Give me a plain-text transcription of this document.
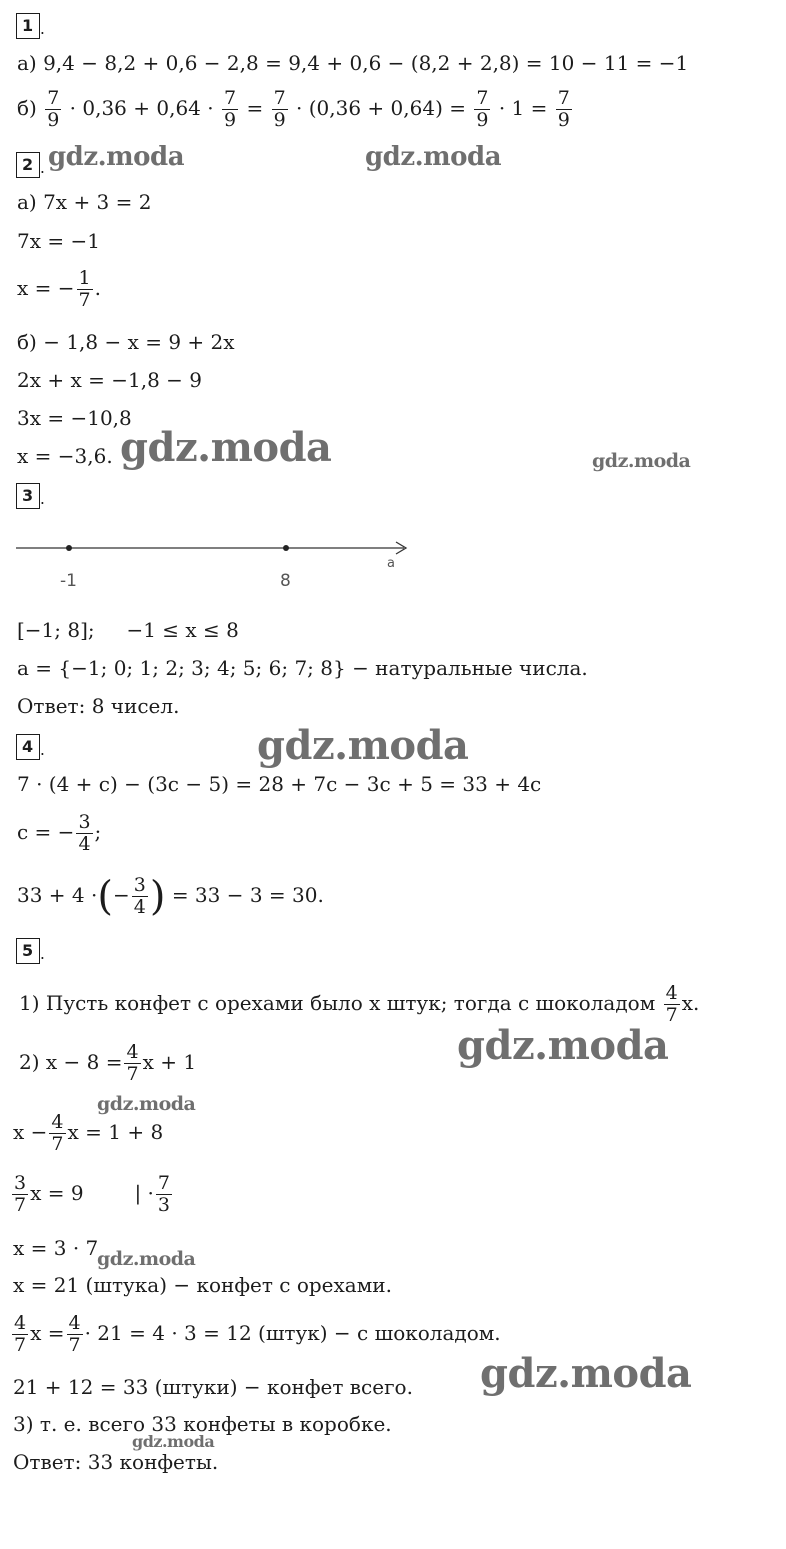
1 .
а) 9,4 − 8,2 + 0,6 − 2,8 = 9,4 + 0,6 − (8,2 + 2,8) = 10 − 11 = −1
$б) \frac{7}{9} \cdot 0,36 + 0,64 \cdot \frac{7}{9} = \frac{7}{9} \cdot (0,36 + 0,64) = \frac{7}{9} \cdot 1 = \frac{7}{9}$
2 . gdz.moda	gdz.moda
а) 7x + 3 = 2
7x = −1
x = − $\frac{1}{7}$ .
б) − 1,8 − x = 9 + 2x
2x + x = −1,8 − 9
3x = −10,8
x = −3,6. gdz.moda	gdz.moda
3 .
-1	8
a
[−1; 8]; −1 ≤ x ≤ 8
a = {−1; 0; 1; 2; 3; 4; 5; 6; 7; 8} − натуральные числа.
Ответ: 8 чисел.
4 .	gdz.moda
7 · (4 + c) − (3c − 5) = 28 + 7c − 3c + 5 = 33 + 4c
c = − $\frac{3}{4}$ ;
33 + 4 ·(− $\frac{3}{4}$ ) = 33 − 3 = 30.
5 .
1) Пусть конфет с орехами было x штук; тогда с шоколадом $\frac{4}{7} x$.
gdz.moda
2) $x - 8 = \frac{4}{7}$ x + 1
gdz.moda
$x - \frac{4}{7}$ x = 1 + 8
$\frac{3}{7}$ x = 9	| · $\frac{7}{3}$
x = 3 · 7
gdz.moda
x = 21 (штука) − конфет с орехами.
$\frac{4}{7}$ $x = \frac{4}{7} \cdot 21 = 4 \cdot 3 = 12$ (штук) − с шоколадом.
gdz.moda
21 + 12 = 33 (штуки) − конфет всего.
3) т. е. всего 33 конфеты в коробке.
gdz.moda
Ответ: 33 конфеты.
